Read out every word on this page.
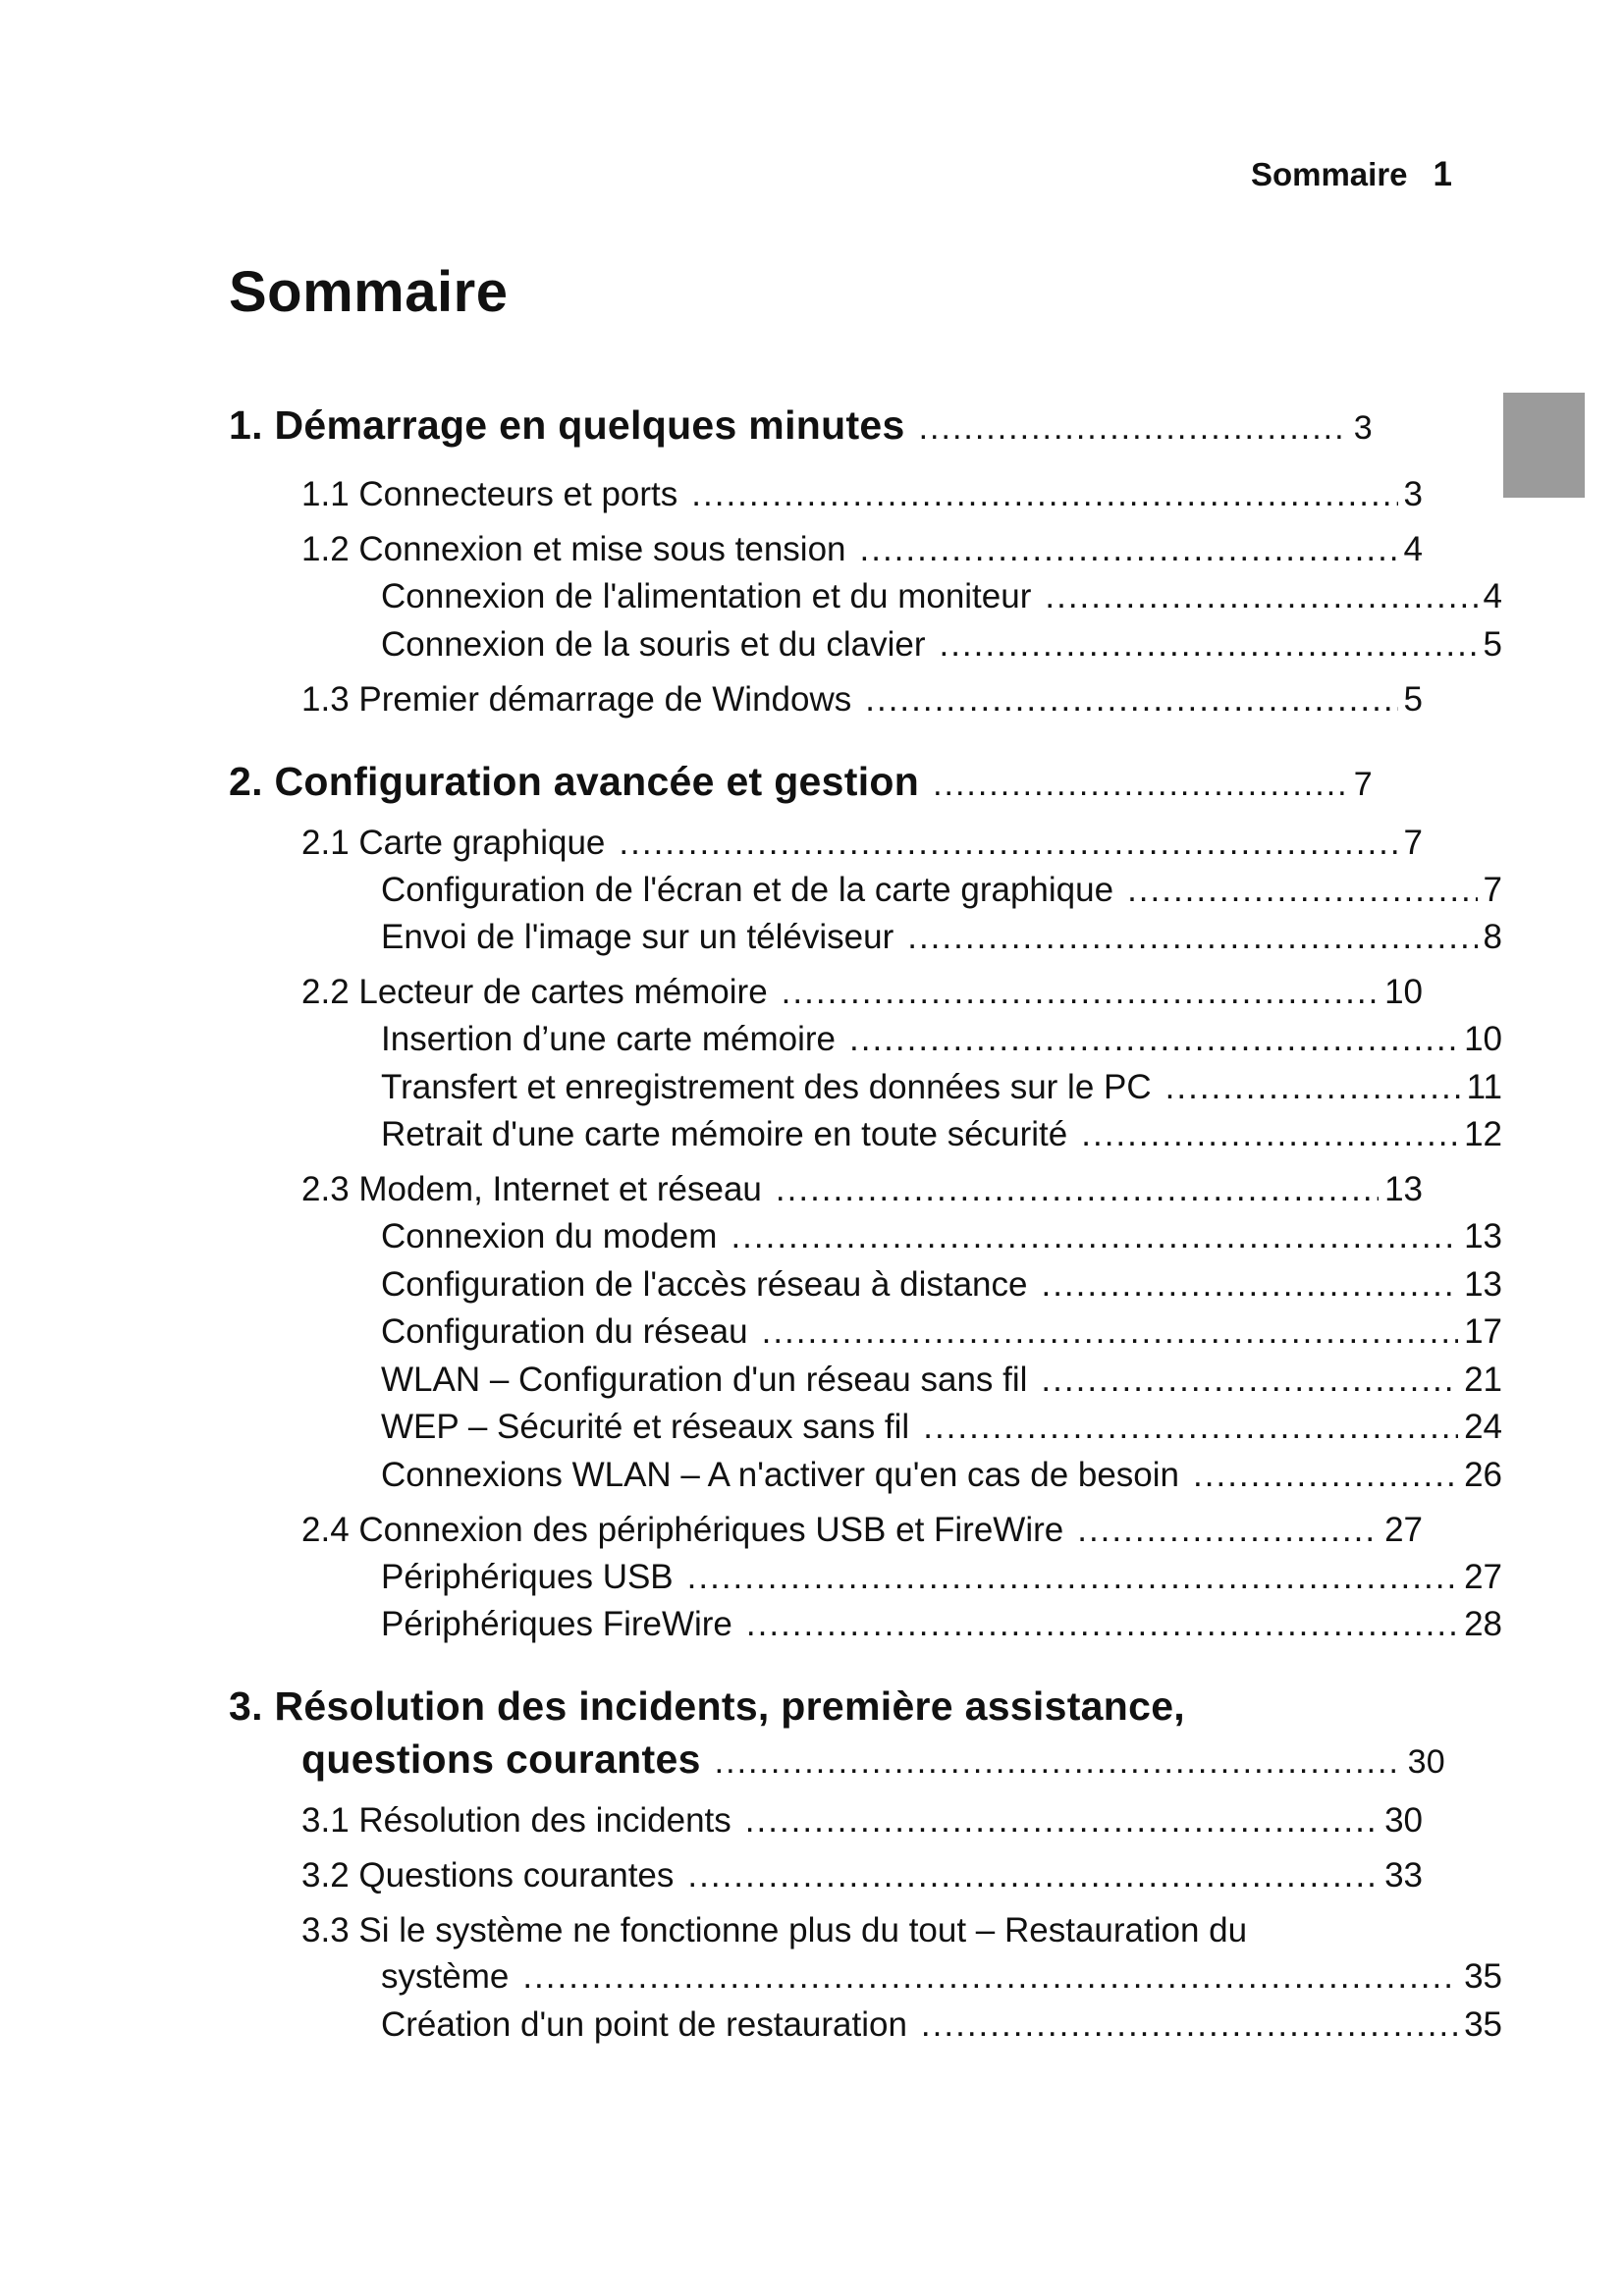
Sommaire 1
Sommaire
1. Démarrage en quelques minutes .....	3
1.1 Connecteurs et ports .....	3
1.2 Connexion et mise sous tension .....	4
Connexion de l'alimentation et du moniteur .....	4
Connexion de la souris et du clavier .....	5
1.3 Premier démarrage de Windows .....	5
2. Configuration avancée et gestion .....	7
2.1 Carte graphique .....	7
Configuration de l'écran et de la carte graphique .....	7
Envoi de l'image sur un téléviseur .....	8
2.2 Lecteur de cartes mémoire .....	10
Insertion d’une carte mémoire .....	10
Transfert et enregistrement des données sur le PC .....	11
Retrait d'une carte mémoire en toute sécurité .....	12
2.3 Modem, Internet et réseau .....	13
Connexion du modem .....	13
Configuration de l'accès réseau à distance .....	13
Configuration du réseau .....	17
WLAN – Configuration d'un réseau sans fil .....	21
WEP – Sécurité et réseaux sans fil .....	24
Connexions WLAN – A n'activer qu'en cas de besoin .....	26
2.4 Connexion des périphériques USB et FireWire .....	27
Périphériques USB .....	27
Périphériques FireWire .....	28
3. Résolution des incidents, première assistance,
questions courantes .....	30
3.1 Résolution des incidents .....	30
3.2 Questions courantes .....	33
3.3 Si le système ne fonctionne plus du tout – Restauration du
système .....	35
Création d'un point de restauration .....	35
